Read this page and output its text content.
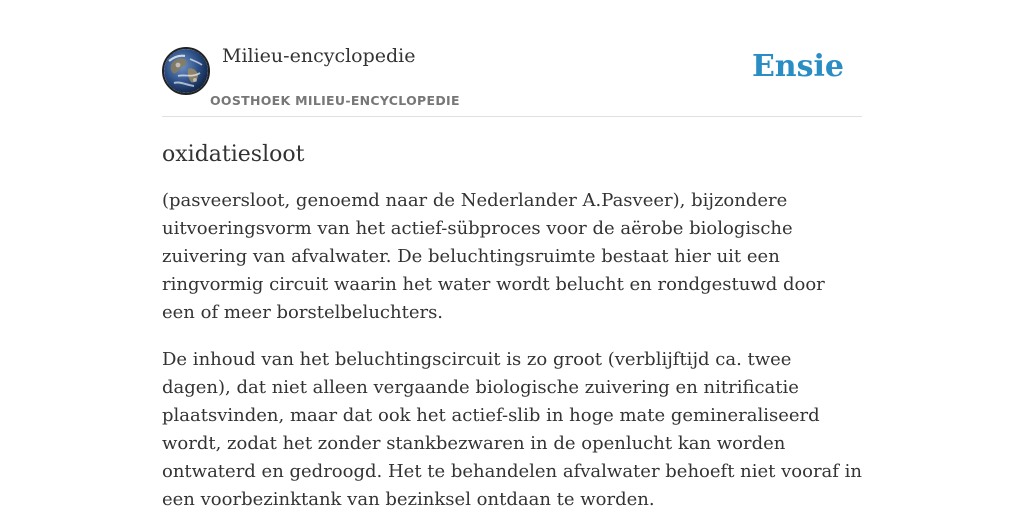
Milieu-encyclopedie
OOSTHOEK MILIEU-ENCYCLOPEDIE
Ensie
oxidatiesloot

(pasveersloot, genoemd naar de Nederlander A.Pasveer), bijzondere uitvoeringsvorm van het actief-sübproces voor de aërobe biologische zuivering van afvalwater. De beluchtingsruimte bestaat hier uit een ringvormig circuit waarin het water wordt belucht en rondgestuwd door een of meer borstelbeluchters.

De inhoud van het beluchtingscircuit is zo groot (verblijftijd ca. twee dagen), dat niet alleen vergaande biologische zuivering en nitrificatie plaatsvinden, maar dat ook het actief-slib in hoge mate gemineraliseerd wordt, zodat het zonder stankbezwaren in de openlucht kan worden ontwaterd en gedroogd. Het te behandelen afvalwater behoeft niet vooraf in een voorbezinktank van bezinksel ontdaan te worden.
